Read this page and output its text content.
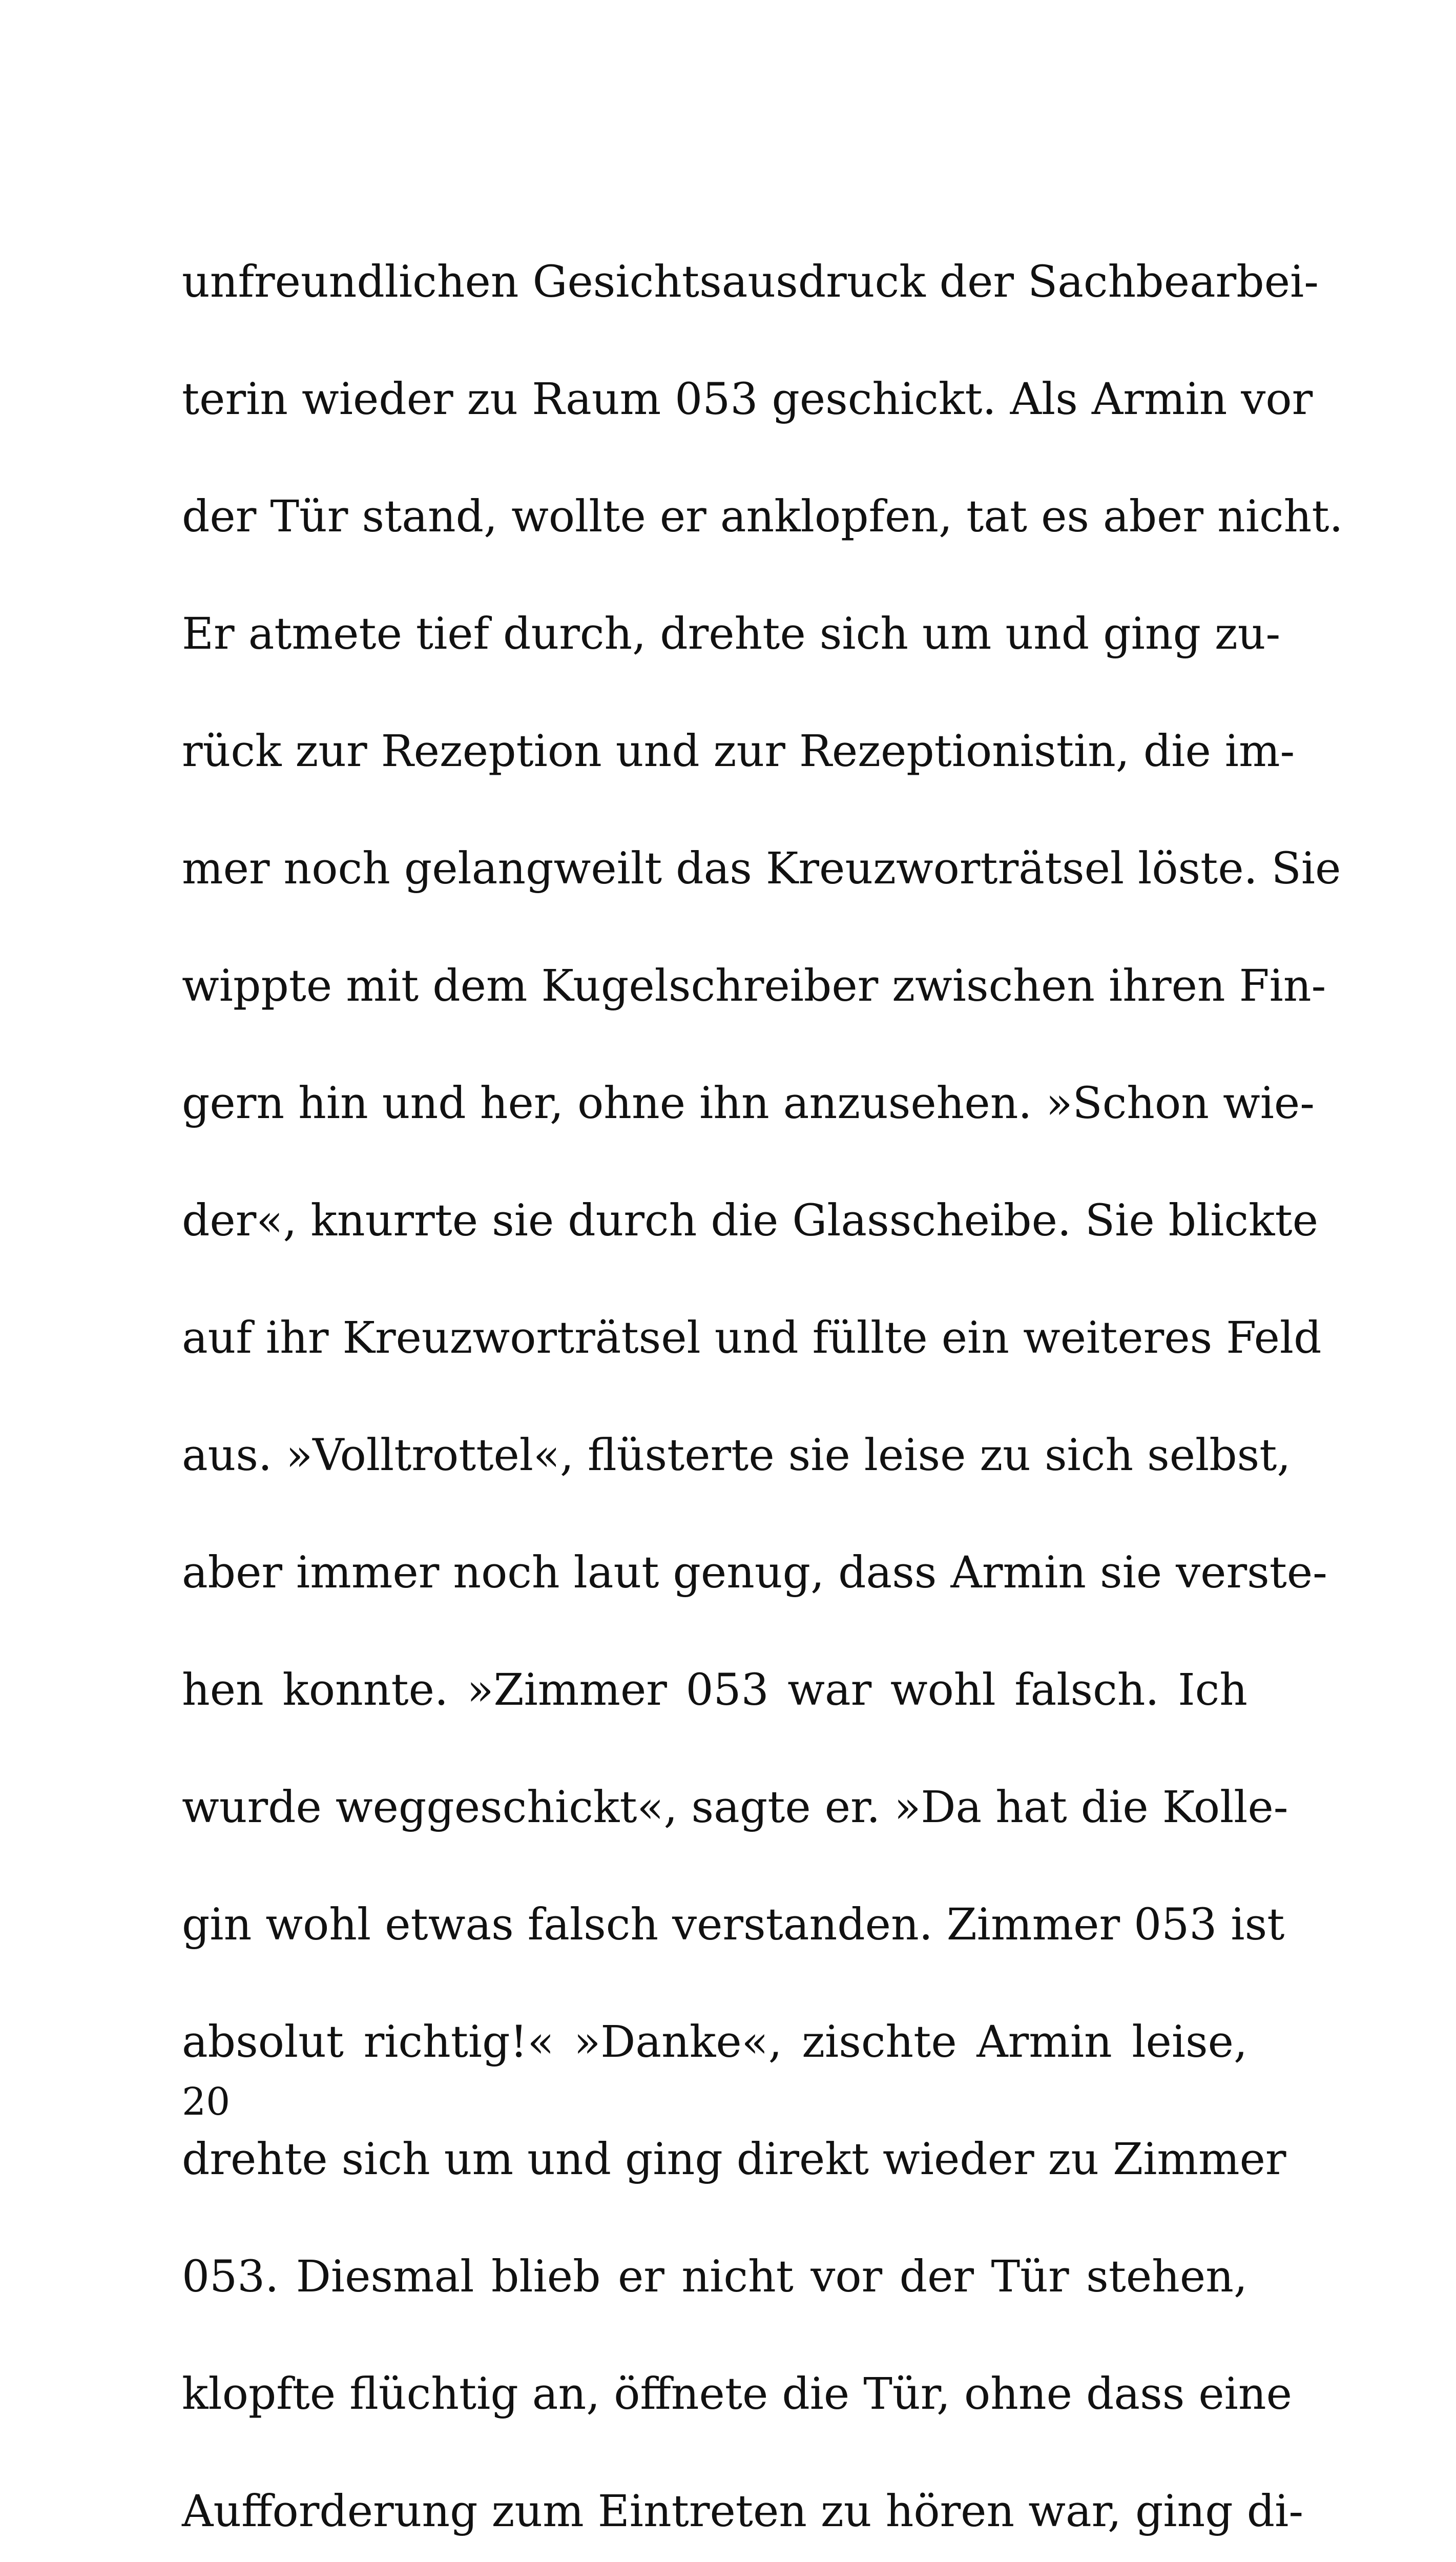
unfreundlichen Gesichtsausdruck der Sachbearbei-
terin wieder zu Raum 053 geschickt. Als Armin vor
der Tür stand, wollte er anklopfen, tat es aber nicht.
Er atmete tief durch, drehte sich um und ging zu-
rück zur Rezeption und zur Rezeptionistin, die im-
mer noch gelangweilt das Kreuzworträtsel löste. Sie
wippte mit dem Kugelschreiber zwischen ihren Fin-
gern hin und her, ohne ihn anzusehen. »Schon wie-
der«, knurrte sie durch die Glasscheibe. Sie blickte
auf ihr Kreuzworträtsel und füllte ein weiteres Feld
aus. »Volltrottel«, flüsterte sie leise zu sich selbst,
aber immer noch laut genug, dass Armin sie verste-
hen konnte. »Zimmer 053 war wohl falsch. Ich
wurde weggeschickt«, sagte er. »Da hat die Kolle-
gin wohl etwas falsch verstanden. Zimmer 053 ist
absolut richtig!« »Danke«, zischte Armin leise,
drehte sich um und ging direkt wieder zu Zimmer
053. Diesmal blieb er nicht vor der Tür stehen,
klopfte flüchtig an, öffnete die Tür, ohne dass eine
Aufforderung zum Eintreten zu hören war, ging di-
20
